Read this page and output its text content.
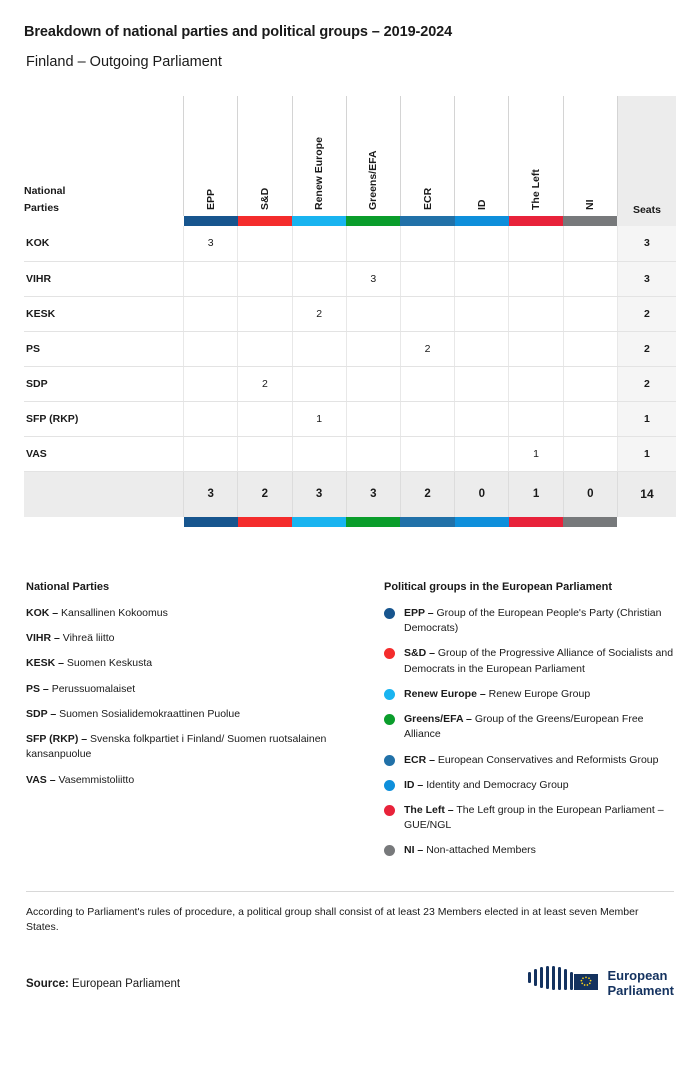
Breakdown of national parties and political groups – 2019-2024
Finland – Outgoing Parliament
National
Parties	EPP	S&D	Renew Europe	Greens/EFA	ECR	ID	The Left	NI	Seats

KOK	3								3
VIHR				3					3
KESK			2						2
PS					2				2
SDP		2							2
SFP (RKP)			1						1
VAS							1		1
	3	2	3	3	2	0	1	0	14

National Parties
KOK – Kansallinen Kokoomus
VIHR – Vihreä liitto
KESK – Suomen Keskusta
PS – Perussuomalaiset
SDP – Suomen Sosialidemokraattinen Puolue
SFP (RKP) – Svenska folkpartiet i Finland/ Suomen ruotsalainen kansanpuolue
VAS – Vasemmistoliitto
Political groups in the European Parliament
EPP – Group of the European People's Party (Christian Democrats)
S&D – Group of the Progressive Alliance of Socialists and Democrats in the European Parliament
Renew Europe – Renew Europe Group
Greens/EFA – Group of the Greens/European Free Alliance
ECR – European Conservatives and Reformists Group
ID – Identity and Democracy Group
The Left – The Left group in the European Parliament – GUE/NGL
NI – Non-attached Members
According to Parliament's rules of procedure, a political group shall consist of at least 23 Members elected in at least seven Member States.
Source: European Parliament
European
Parliament
